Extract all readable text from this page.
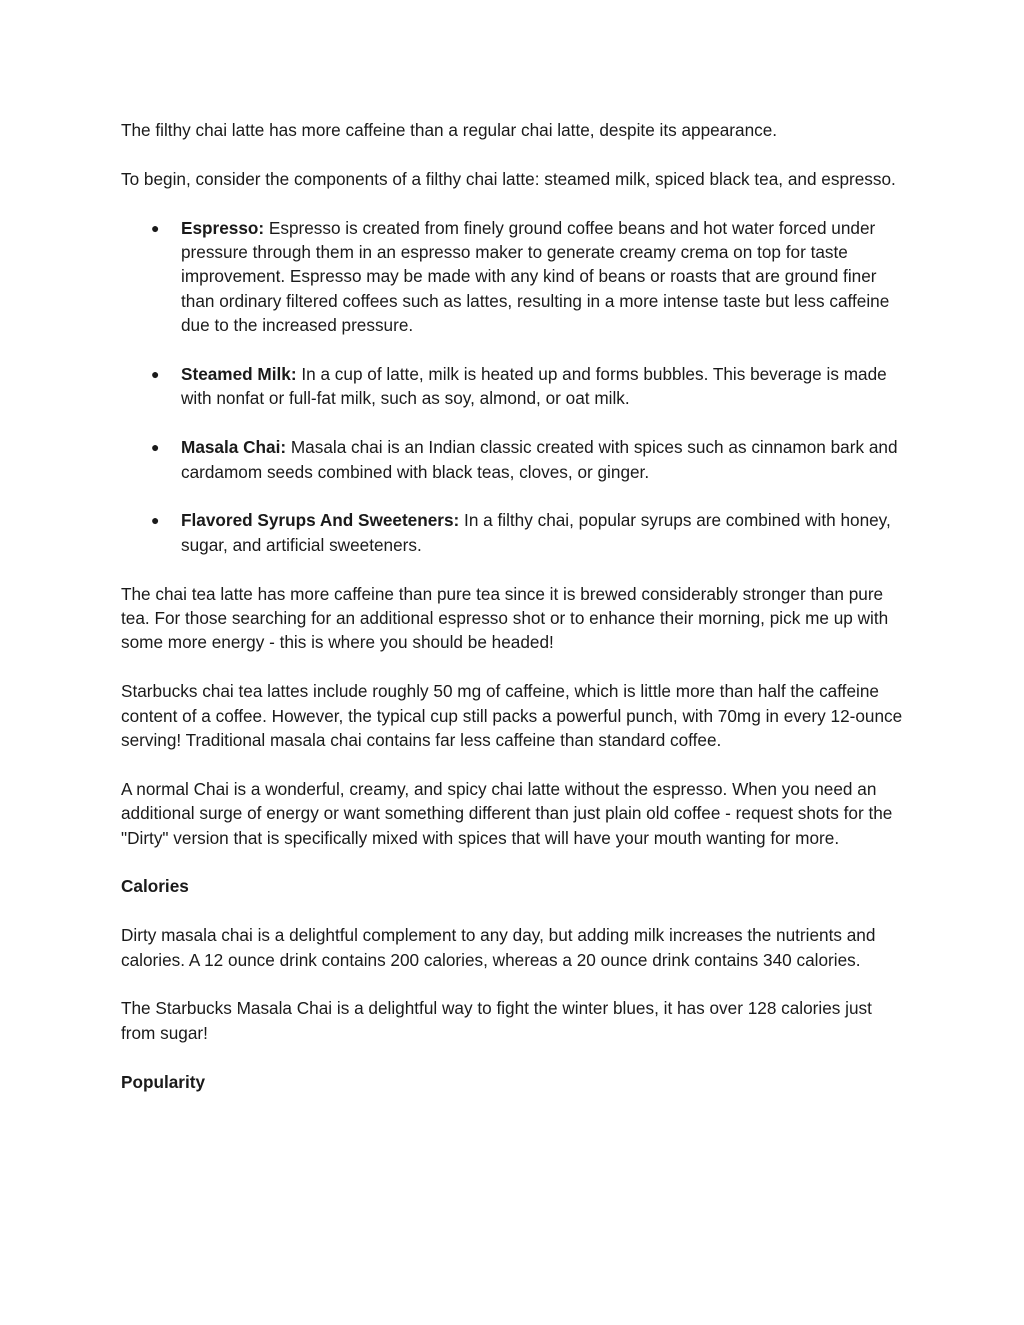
The filthy chai latte has more caffeine than a regular chai latte, despite its appearance.

To begin, consider the components of a filthy chai latte: steamed milk, spiced black tea, and espresso.

● Espresso: Espresso is created from finely ground coffee beans and hot water forced under pressure through them in an espresso maker to generate creamy crema on top for taste improvement. Espresso may be made with any kind of beans or roasts that are ground finer than ordinary filtered coffees such as lattes, resulting in a more intense taste but less caffeine due to the increased pressure.
● Steamed Milk: In a cup of latte, milk is heated up and forms bubbles. This beverage is made with nonfat or full-fat milk, such as soy, almond, or oat milk.
● Masala Chai: Masala chai is an Indian classic created with spices such as cinnamon bark and cardamom seeds combined with black teas, cloves, or ginger.
● Flavored Syrups And Sweeteners: In a filthy chai, popular syrups are combined with honey, sugar, and artificial sweeteners.

The chai tea latte has more caffeine than pure tea since it is brewed considerably stronger than pure tea. For those searching for an additional espresso shot or to enhance their morning, pick me up with some more energy - this is where you should be headed!

Starbucks chai tea lattes include roughly 50 mg of caffeine, which is little more than half the caffeine content of a coffee. However, the typical cup still packs a powerful punch, with 70mg in every 12-ounce serving! Traditional masala chai contains far less caffeine than standard coffee.

A normal Chai is a wonderful, creamy, and spicy chai latte without the espresso. When you need an additional surge of energy or want something different than just plain old coffee - request shots for the "Dirty" version that is specifically mixed with spices that will have your mouth wanting for more.

Calories

Dirty masala chai is a delightful complement to any day, but adding milk increases the nutrients and calories. A 12 ounce drink contains 200 calories, whereas a 20 ounce drink contains 340 calories.

The Starbucks Masala Chai is a delightful way to fight the winter blues, it has over 128 calories just from sugar!

Popularity
